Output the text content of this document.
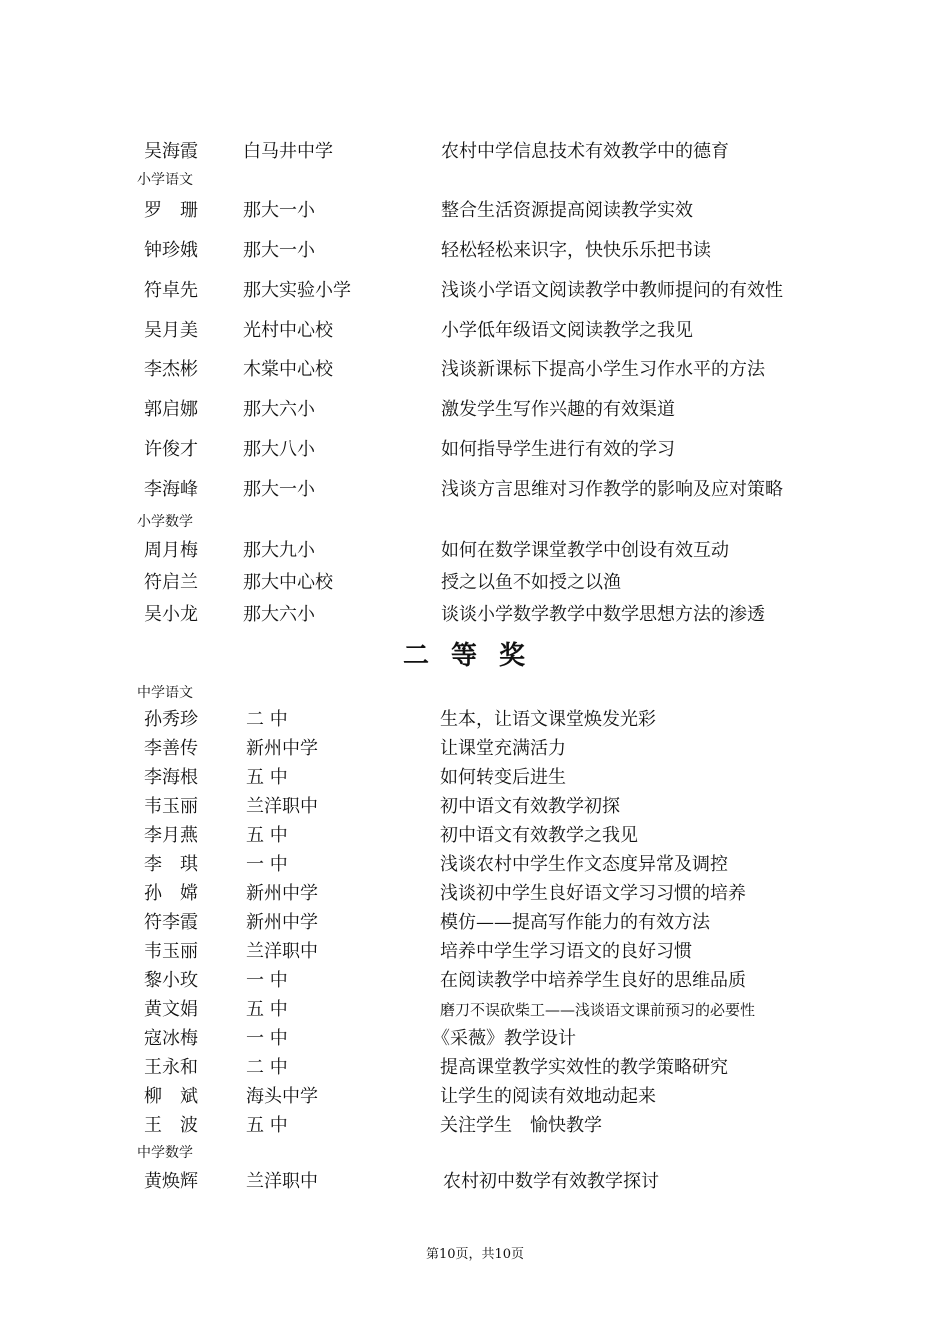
吴海霞	白马井中学	农村中学信息技术有效教学中的德育
小学语文
罗　珊	那大一小	整合生活资源提高阅读教学实效
钟珍娥	那大一小	轻松轻松来识字，快快乐乐把书读
符卓先	那大实验小学	浅谈小学语文阅读教学中教师提问的有效性
吴月美	光村中心校	小学低年级语文阅读教学之我见
李杰彬	木棠中心校	浅谈新课标下提高小学生习作水平的方法
郭启娜	那大六小	激发学生写作兴趣的有效渠道
许俊才	那大八小	如何指导学生进行有效的学习
李海峰	那大一小	浅谈方言思维对习作教学的影响及应对策略
小学数学
周月梅	那大九小	如何在数学课堂教学中创设有效互动
符启兰	那大中心校	授之以鱼不如授之以渔
吴小龙	那大六小	谈谈小学数学教学中数学思想方法的渗透
二等奖
中学语文
孙秀珍	二 中	生本，让语文课堂焕发光彩
李善传	新州中学	让课堂充满活力
李海根	五 中	如何转变后进生
韦玉丽	兰洋职中	初中语文有效教学初探
李月燕	五 中	初中语文有效教学之我见
李　琪	一 中	浅谈农村中学生作文态度异常及调控
孙　嫦	新州中学	浅谈初中学生良好语文学习习惯的培养
符李霞	新州中学	模仿——提高写作能力的有效方法
韦玉丽	兰洋职中	培养中学生学习语文的良好习惯
黎小玫	一 中	在阅读教学中培养学生良好的思维品质
黄文娟	五 中	磨刀不误砍柴工——浅谈语文课前预习的必要性
寇冰梅	一 中	《采薇》教学设计
王永和	二 中	提高课堂教学实效性的教学策略研究
柳　斌	海头中学	让学生的阅读有效地动起来
王　波	五 中	关注学生　愉快教学
中学数学
黄焕辉	兰洋职中	农村初中数学有效教学探讨
第10页，共10页
